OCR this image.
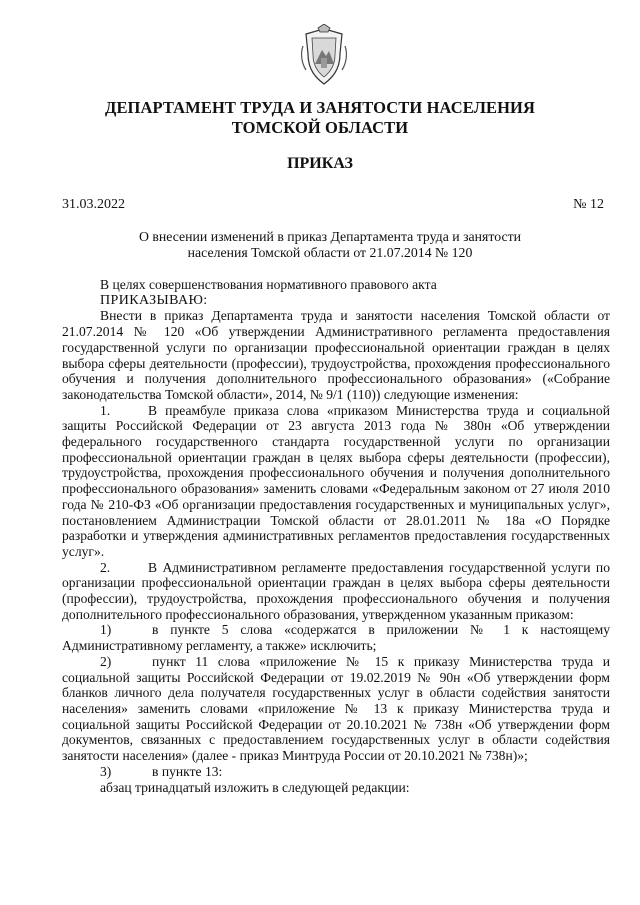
ДЕПАРТАМЕНТ ТРУДА И ЗАНЯТОСТИ НАСЕЛЕНИЯ
ТОМСКОЙ ОБЛАСТИ
ПРИКАЗ
31.03.2022	№ 12
О внесении изменений в приказ Департамента труда и занятости
населения Томской области от 21.07.2014 № 120

В целях совершенствования нормативного правового акта

ПРИКАЗЫВАЮ:

Внести в приказ Департамента труда и занятости населения Томской области от 21.07.2014 № 120 «Об утверждении Административного регламента предоставления государственной услуги по организации профессиональной ориентации граждан в целях выбора сферы деятельности (профессии), трудоустройства, прохождения профессионального обучения и получения дополнительного профессионального образования» («Собрание законодательства Томской области», 2014, № 9/1 (110)) следующие изменения:

1.	В преамбуле приказа слова «приказом Министерства труда и социальной защиты Российской Федерации от 23 августа 2013 года № 380н «Об утверждении федерального государственного стандарта государственной услуги по организации профессиональной ориентации граждан в целях выбора сферы деятельности (профессии), трудоустройства, прохождения профессионального обучения и получения дополнительного профессионального образования» заменить словами «Федеральным законом от 27 июля 2010 года № 210-ФЗ «Об организации предоставления государственных и муниципальных услуг», постановлением Администрации Томской области от 28.01.2011 № 18а «О Порядке разработки и утверждения административных регламентов предоставления государственных услуг».

2.	В Административном регламенте предоставления государственной услуги по организации профессиональной ориентации граждан в целях выбора сферы деятельности (профессии), трудоустройства, прохождения профессионального обучения и получения дополнительного профессионального образования, утвержденном указанным приказом:

1)	в пункте 5 слова «содержатся в приложении № 1 к настоящему Административному регламенту, а также» исключить;

2)	пункт 11 слова «приложение № 15 к приказу Министерства труда и социальной защиты Российской Федерации от 19.02.2019 № 90н «Об утверждении форм бланков личного дела получателя государственных услуг в области содействия занятости населения» заменить словами «приложение № 13 к приказу Министерства труда и социальной защиты Российской Федерации от 20.10.2021 № 738н «Об утверждении форм документов, связанных с предоставлением государственных услуг в области содействия занятости населения» (далее - приказ Минтруда России от 20.10.2021 № 738н)»;

3)	в пункте 13:

абзац тринадцатый изложить в следующей редакции:
